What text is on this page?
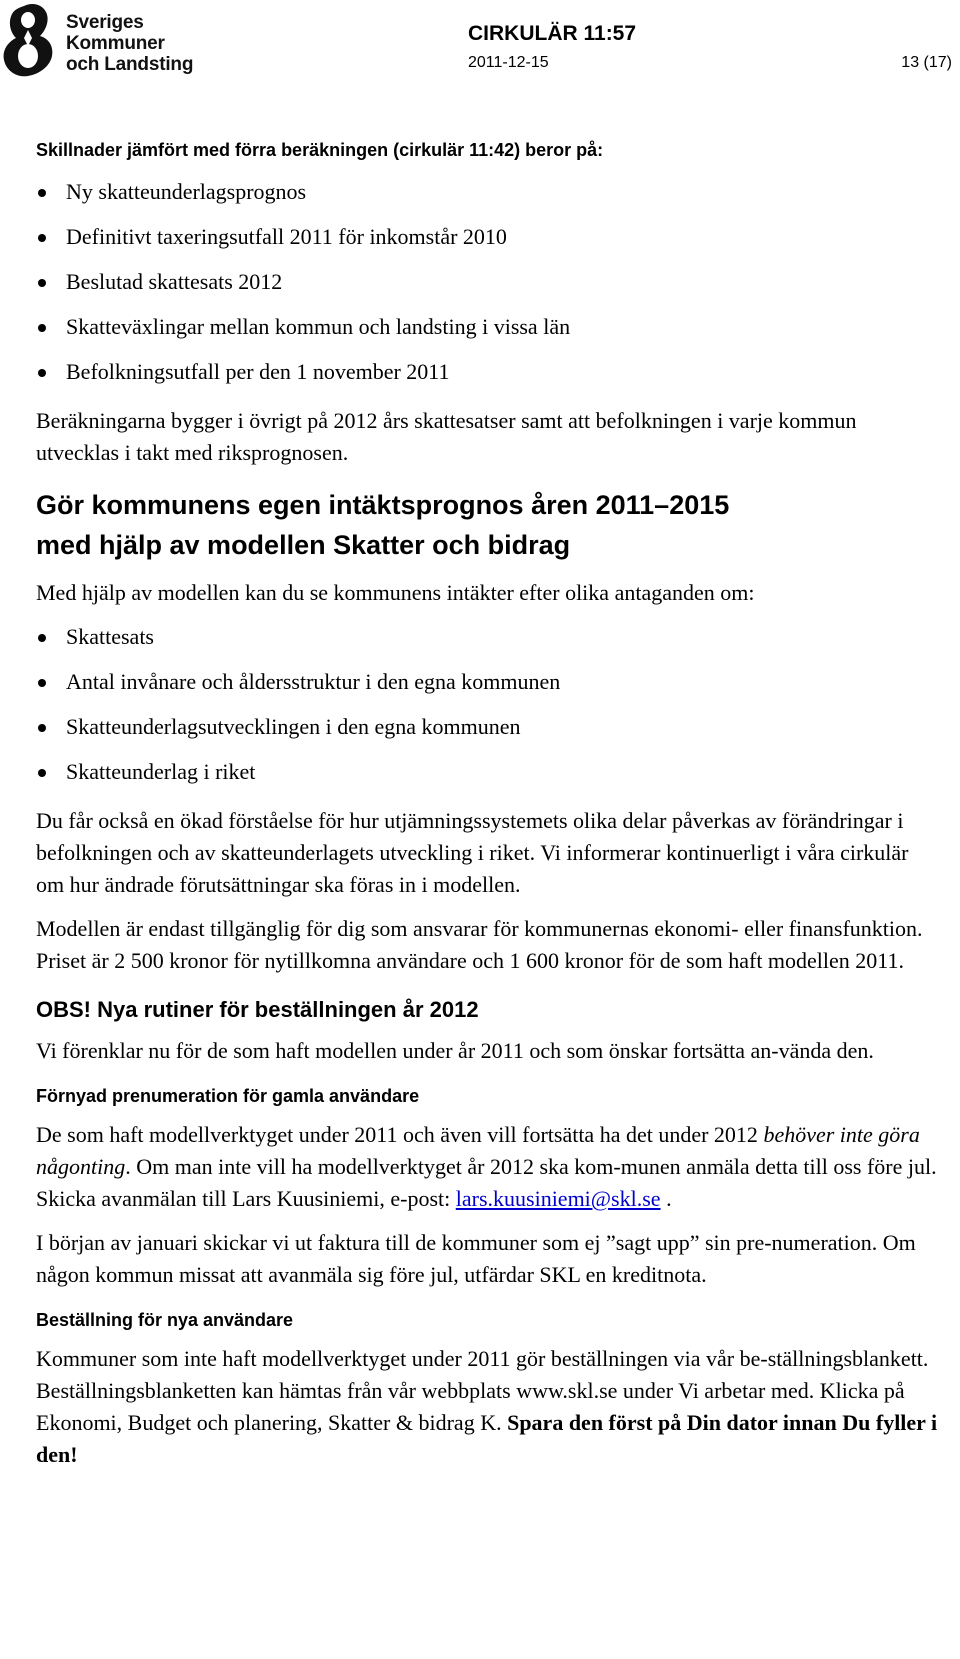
Sveriges
Kommuner
och Landsting
CIRKULÄR 11:57
2011-12-15	13 (17)

Skillnader jämfört med förra beräkningen (cirkulär 11:42) beror på:

Ny skatteunderlagsprognos
Definitivt taxeringsutfall 2011 för inkomstår 2010
Beslutad skattesats 2012
Skatteväxlingar mellan kommun och landsting i vissa län
Befolkningsutfall per den 1 november 2011

Beräkningarna bygger i övrigt på 2012 års skattesatser samt att befolkningen i varje kommun utvecklas i takt med riksprognosen.

Gör kommunens egen intäktsprognos åren 2011–2015
med hjälp av modellen Skatter och bidrag

Med hjälp av modellen kan du se kommunens intäkter efter olika antaganden om:

Skattesats
Antal invånare och åldersstruktur i den egna kommunen
Skatteunderlagsutvecklingen i den egna kommunen
Skatteunderlag i riket

Du får också en ökad förståelse för hur utjämningssystemets olika delar påverkas av förändringar i befolkningen och av skatteunderlagets utveckling i riket. Vi informerar kontinuerligt i våra cirkulär om hur ändrade förutsättningar ska föras in i modellen.

Modellen är endast tillgänglig för dig som ansvarar för kommunernas ekonomi- eller finansfunktion. Priset är 2 500 kronor för nytillkomna användare och 1 600 kronor för de som haft modellen 2011.

OBS! Nya rutiner för beställningen år 2012

Vi förenklar nu för de som haft modellen under år 2011 och som önskar fortsätta an-vända den.

Förnyad prenumeration för gamla användare

De som haft modellverktyget under 2011 och även vill fortsätta ha det under 2012 behöver inte göra någonting. Om man inte vill ha modellverktyget år 2012 ska kom-munen anmäla detta till oss före jul. Skicka avanmälan till Lars Kuusiniemi, e-post: lars.kuusiniemi@skl.se .

I början av januari skickar vi ut faktura till de kommuner som ej ”sagt upp” sin pre-numeration. Om någon kommun missat att avanmäla sig före jul, utfärdar SKL en kreditnota.

Beställning för nya användare

Kommuner som inte haft modellverktyget under 2011 gör beställningen via vår be-ställningsblankett. Beställningsblanketten kan hämtas från vår webbplats www.skl.se under Vi arbetar med. Klicka på Ekonomi, Budget och planering, Skatter & bidrag K. Spara den först på Din dator innan Du fyller i den!
